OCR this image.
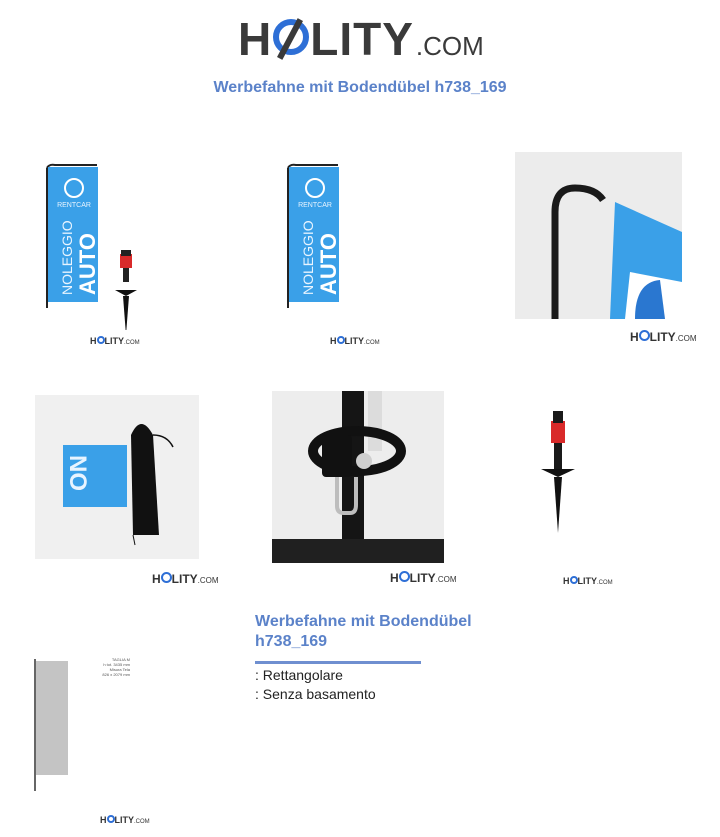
H LITY .COM
Werbefahne mit Bodendübel h738_169
H LITY .COM
RENTCAR
NOLEGGIO AUTO
H LITY .COM
RENTCAR
NOLEGGIO AUTO
H LITY .COM
NO
H LITY .COM	H LITY .COM	H LITY .COM
TAGLIA M
h tot. 3435 mm
Misura Tela
826 x 2079 mm
H LITY .COM
Werbefahne mit Bodendübel h738_169
: Rettangolare
: Senza basamento
